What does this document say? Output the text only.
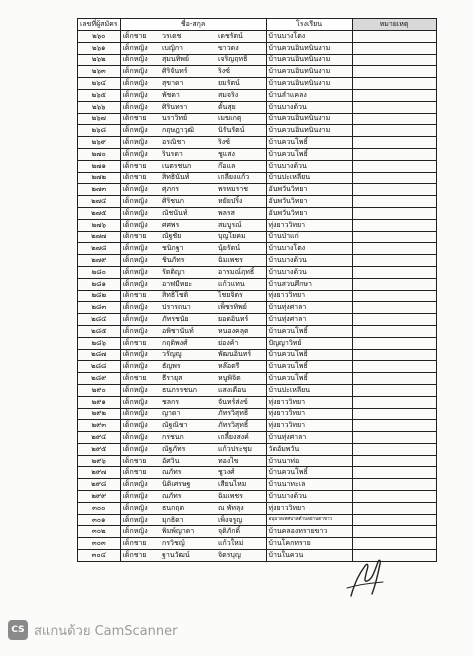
เลขที่ผู้สมัคร	ชื่อ-สกุล			โรงเรียน	หมายเหตุ
๒๖๐	เด็กชาย	วรเดช	เดชรัตน์	บ้านบางโตง	
๒๖๑	เด็กหญิง	เบญิกา	ขาวดง	บ้านควนอินทนินงาม	
๒๖๒	เด็กหญิง	สุมนทิพย์	เจริญฤทธิ์	บ้านควนอินทนินงาม	
๒๖๓	เด็กหญิง	ศิริจันทร์	ริงซ์	บ้านควนอินทนินงาม	
๒๖๔	เด็กหญิง	สุขาดา	ยมรัตน์	บ้านควนอินทนินงาม	
๒๖๕	เด็กหญิง	พัชดา	สมจริง	บ้านลำแคลง	
๒๖๖	เด็กหญิง	ศิรินทรา	ตั้นสุย	บ้านบางด้วน	
๒๖๗	เด็กชาย	นราวิทย์	เมฆเกตุ	บ้านควนอินทนินงาม	
๒๖๘	เด็กหญิง	กฤษฎาวุฒิ	นิรันรัตน์	บ้านควนอินทนินงาม	
๒๖๙	เด็กหญิง	อรณิชา	ริงซ์	บ้านควนโพธิ์	
๒๗๐	เด็กหญิง	รินรดา	ชูแสง	บ้านควนโพธิ์	
๒๗๑	เด็กชาย	เนตรชนก	ก๊อแล	บ้านบางด้วน	
๒๗๒	เด็กชาย	สิทธินันท์	เกลี้ยงแก้ว	บ้านปะเหลียน	
๒๗๓	เด็กหญิง	ศุภกร	พรหมราช	อันพวันวิทยา	
๒๗๔	เด็กหญิง	ศิริชนก	หยัยปริ้ง	อันพวันวิทยา	
๒๗๕	เด็กหญิง	ณัชนันท์	พลรส	อันพวันวิทยา	
๒๗๖	เด็กหญิง	ศศพร	สมบูรณ์	ทุ่งยาววิทยา	
๒๗๗	เด็กชาย	ณัฐชัย	บุญโยคม	บ้านป่าแก่	
๒๗๘	เด็กหญิง	ชนิกฐา	นุ้ยรัตน์	บ้านบางโตง	
๒๗๙	เด็กหญิง	ชินภัทร	ฉิมเพชร	บ้านบางด้วน	
๒๘๐	เด็กหญิง	รัตติญา	อารมณ์ฤทธิ์	บ้านบางด้วน	
๒๘๑	เด็กหญิง	อาฟมีหยะ	แก้วแทน	บ้านสวนศึกษา	
๒๘๒	เด็กชาย	สิทธิโชติ	ไชยจิตร	ทุ่งยาววิทยา	
๒๘๓	เด็กหญิง	ปรารถนา	เพ็ชรทิพย์	บ้านทุ่งศาลา	
๒๘๔	เด็กหญิง	ภัทรชนัย	ยอดอินทร์	บ้านทุ่งศาลา	
๒๘๕	เด็กหญิง	อพิชานันท์	หนองคลุต	บ้านควนโพธิ์	
๒๘๖	เด็กชาย	กฤติพงศ์	ย่องค้า	ปัญญาวิทย์	
๒๘๗	เด็กหญิง	วรัญญู	พัฒนอินทร์	บ้านควนโพธิ์	
๒๘๘	เด็กหญิง	ธัญพร	หล๊อตรี	บ้านควนโพธิ์	
๒๘๙	เด็กชาย	ธีรายุส	หนูพิจิต	บ้านควนโพธิ์	
๒๙๐	เด็กหญิง	ธนภรรชนก	แสงเดือน	บ้านปะเหลียน	
๒๙๑	เด็กหญิง	ชลกร	จันทร์ส่งข์	ทุ่งยาววิทยา	
๒๙๒	เด็กหญิง	ญาดา	ภัทรวิสุทธิ์	ทุ่งยาววิทยา	
๒๙๓	เด็กหญิง	ณัฐณิชา	ภัทรวิสุทธิ์	ทุ่งยาววิทยา	
๒๙๔	เด็กหญิง	กรชนก	เกลี้ยงสงค์	บ้านทุ่งศาลา	
๒๙๕	เด็กหญิง	ณัฐภัทร	แก้วประชุม	วัดอัมพวัน	
๒๙๖	เด็กชาย	อัศวิน	ทองไข	บ้านนาท่อ	
๒๙๗	เด็กชาย	ณภัทร	ชูวงศ์	บ้านควนโพธิ์	
๒๙๘	เด็กหญิง	นิติเศรษฐ	เสียนไหม	บ้านนาทะเล	
๒๙๙	เด็กหญิง	ณภัทร	ฉิมเพชร	บ้านบางด้วน	
๓๐๐	เด็กหญิง	ธนกฤต	ณ พัทลุง	ทุ่งยาววิทยา	
๓๐๑	เด็กหญิง	มุกธิดา	เพ็งจรูญ	อนุบาลเทศบาลตำบลย่านตาขาว	
๓๐๒	เด็กหญิง	พิมพ์ญาดา	จุติภักดิ์	บ้านคลองทรายขาว	
๓๐๓	เด็กชาย	กรวิชญ์	แก้วใหม่	บ้านโคกทราย	
๓๐๔	เด็กชาย	ฐานวัฒน์	จิตรบุญ	บ้านในควน	
CS สแกนด้วย CamScanner
